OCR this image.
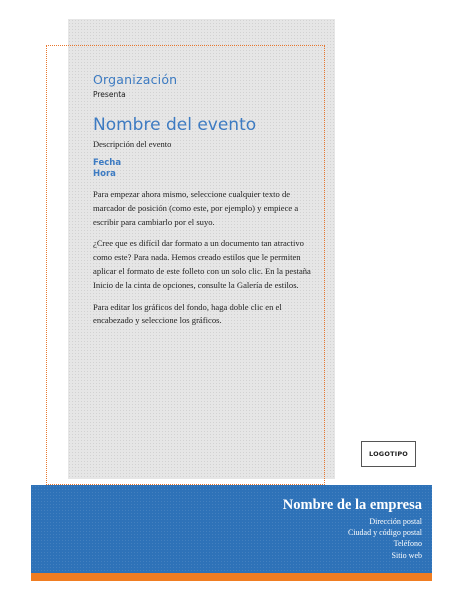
Organización

Presenta

Nombre del evento

Descripción del evento

Fecha
Hora

Para empezar ahora mismo, seleccione cualquier texto de marcador de posición (como este, por ejemplo) y empiece a escribir para cambiarlo por el suyo.

¿Cree que es difícil dar formato a un documento tan atractivo como este? Para nada. Hemos creado estilos que le permiten aplicar el formato de este folleto con un solo clic. En la pestaña Inicio de la cinta de opciones, consulte la Galería de estilos.

Para editar los gráficos del fondo, haga doble clic en el encabezado y seleccione los gráficos.

LOGOTIPO
Nombre de la empresa
Dirección postal
Ciudad y código postal
Teléfono
Sitio web
